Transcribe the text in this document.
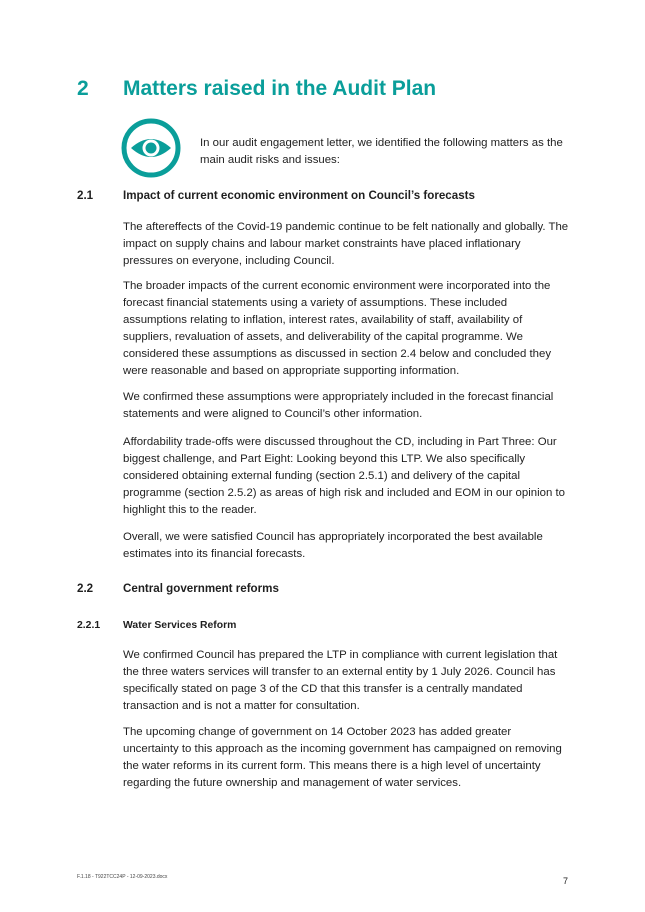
2 Matters raised in the Audit Plan
In our audit engagement letter, we identified the following matters as the main audit risks and issues:
2.1	Impact of current economic environment on Council’s forecasts
The aftereffects of the Covid-19 pandemic continue to be felt nationally and globally. The impact on supply chains and labour market constraints have placed inflationary pressures on everyone, including Council.
The broader impacts of the current economic environment were incorporated into the forecast financial statements using a variety of assumptions. These included assumptions relating to inflation, interest rates, availability of staff, availability of suppliers, revaluation of assets, and deliverability of the capital programme. We considered these assumptions as discussed in section 2.4 below and concluded they were reasonable and based on appropriate supporting information.
We confirmed these assumptions were appropriately included in the forecast financial statements and were aligned to Council’s other information.
Affordability trade-offs were discussed throughout the CD, including in Part Three: Our biggest challenge, and Part Eight: Looking beyond this LTP. We also specifically considered obtaining external funding (section 2.5.1) and delivery of the capital programme (section 2.5.2) as areas of high risk and included and EOM in our opinion to highlight this to the reader.
Overall, we were satisfied Council has appropriately incorporated the best available estimates into its financial forecasts.
2.2	Central government reforms
2.2.1 Water Services Reform
We confirmed Council has prepared the LTP in compliance with current legislation that the three waters services will transfer to an external entity by 1 July 2026. Council has specifically stated on page 3 of the CD that this transfer is a centrally mandated transaction and is not a matter for consultation.
The upcoming change of government on 14 October 2023 has added greater uncertainty to this approach as the incoming government has campaigned on removing the water reforms in its current form. This means there is a high level of uncertainty regarding the future ownership and management of water services.
F.1.18 - T922TCC24P - 12-09-2023.docx	7
